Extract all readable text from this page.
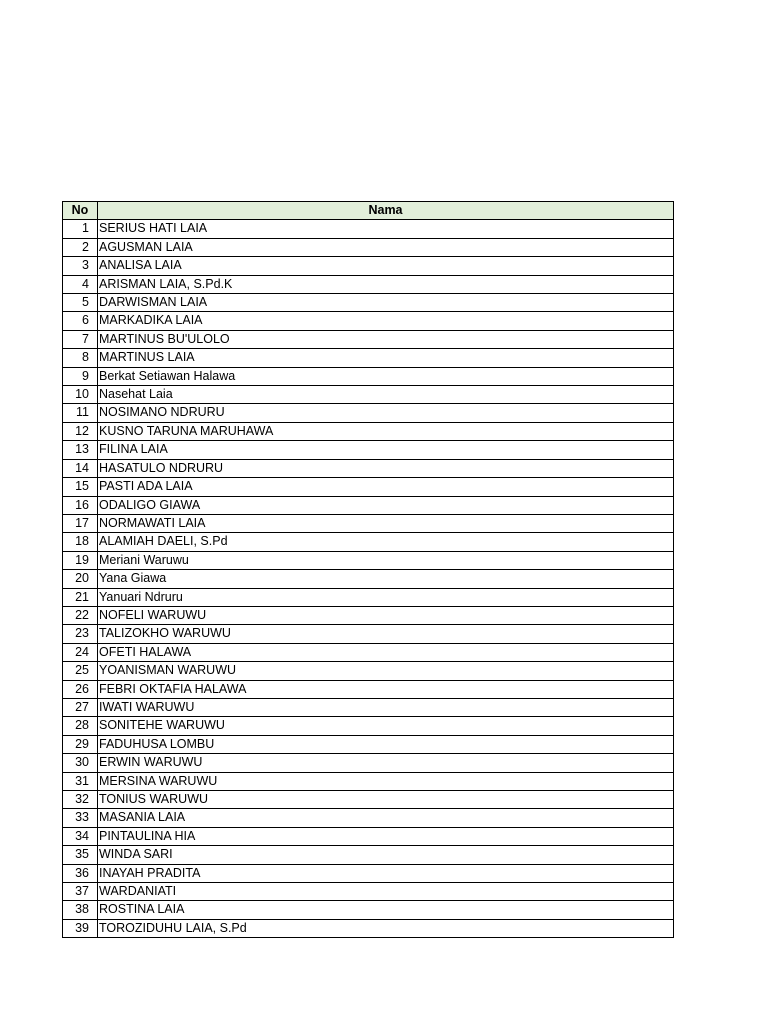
No	Nama
1	SERIUS HATI LAIA
2	AGUSMAN LAIA
3	ANALISA LAIA
4	ARISMAN LAIA, S.Pd.K
5	DARWISMAN LAIA
6	MARKADIKA LAIA
7	MARTINUS BU'ULOLO
8	MARTINUS LAIA
9	Berkat Setiawan Halawa
10	Nasehat Laia
11	NOSIMANO NDRURU
12	KUSNO TARUNA MARUHAWA
13	FILINA LAIA
14	HASATULO NDRURU
15	PASTI ADA LAIA
16	ODALIGO GIAWA
17	NORMAWATI LAIA
18	ALAMIAH DAELI, S.Pd
19	Meriani Waruwu
20	Yana Giawa
21	Yanuari Ndruru
22	NOFELI WARUWU
23	TALIZOKHO WARUWU
24	OFETI HALAWA
25	YOANISMAN WARUWU
26	FEBRI OKTAFIA HALAWA
27	IWATI WARUWU
28	SONITEHE WARUWU
29	FADUHUSA LOMBU
30	ERWIN WARUWU
31	MERSINA WARUWU
32	TONIUS WARUWU
33	MASANIA LAIA
34	PINTAULINA HIA
35	WINDA SARI
36	INAYAH PRADITA
37	WARDANIATI
38	ROSTINA LAIA
39	TOROZIDUHU LAIA, S.Pd
